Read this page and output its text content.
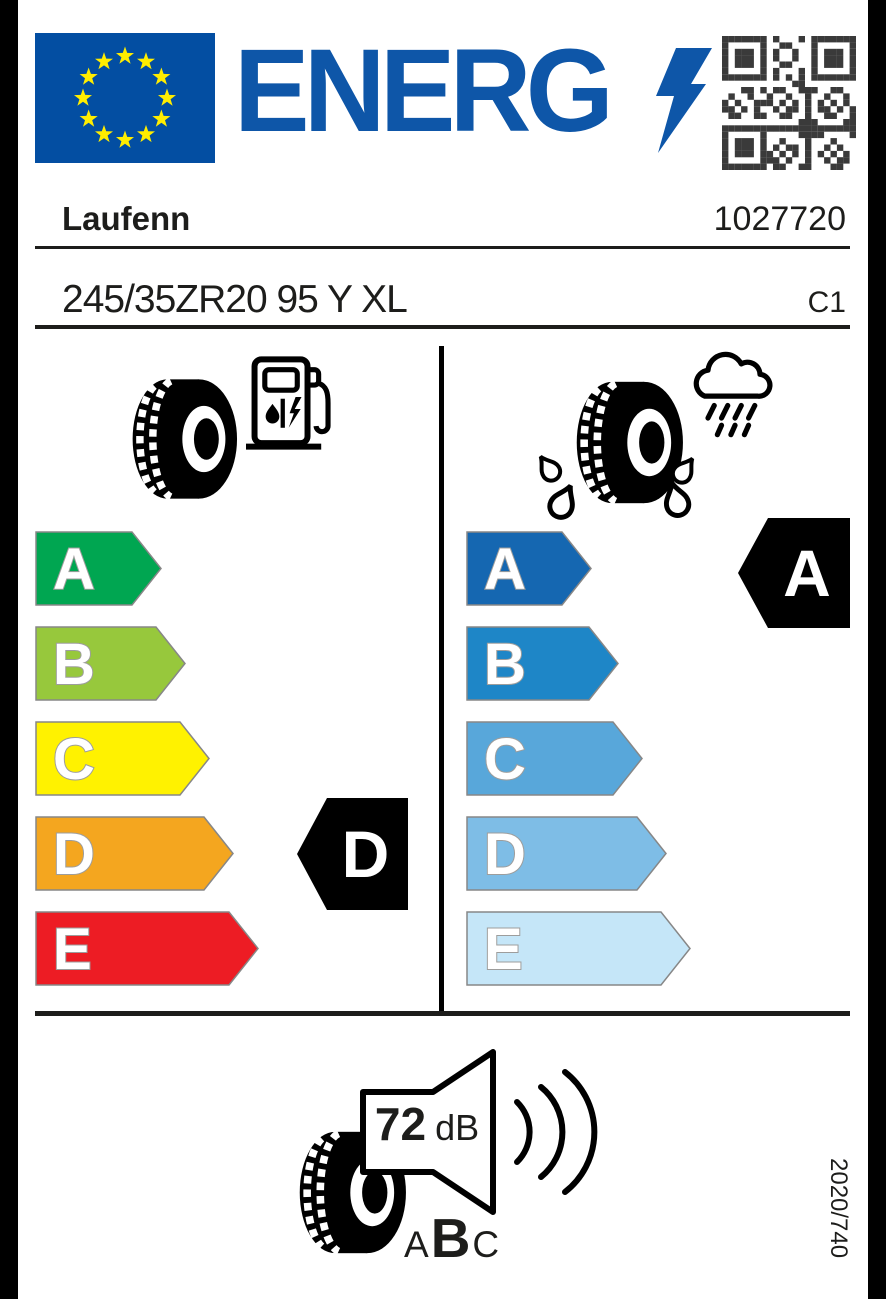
ENERG
Laufenn	1027720
245/35ZR20 95 Y XL	C1
A
B
C
D
E
A
B
C
D
E
D
A
72 dB
A B C	2020/740
